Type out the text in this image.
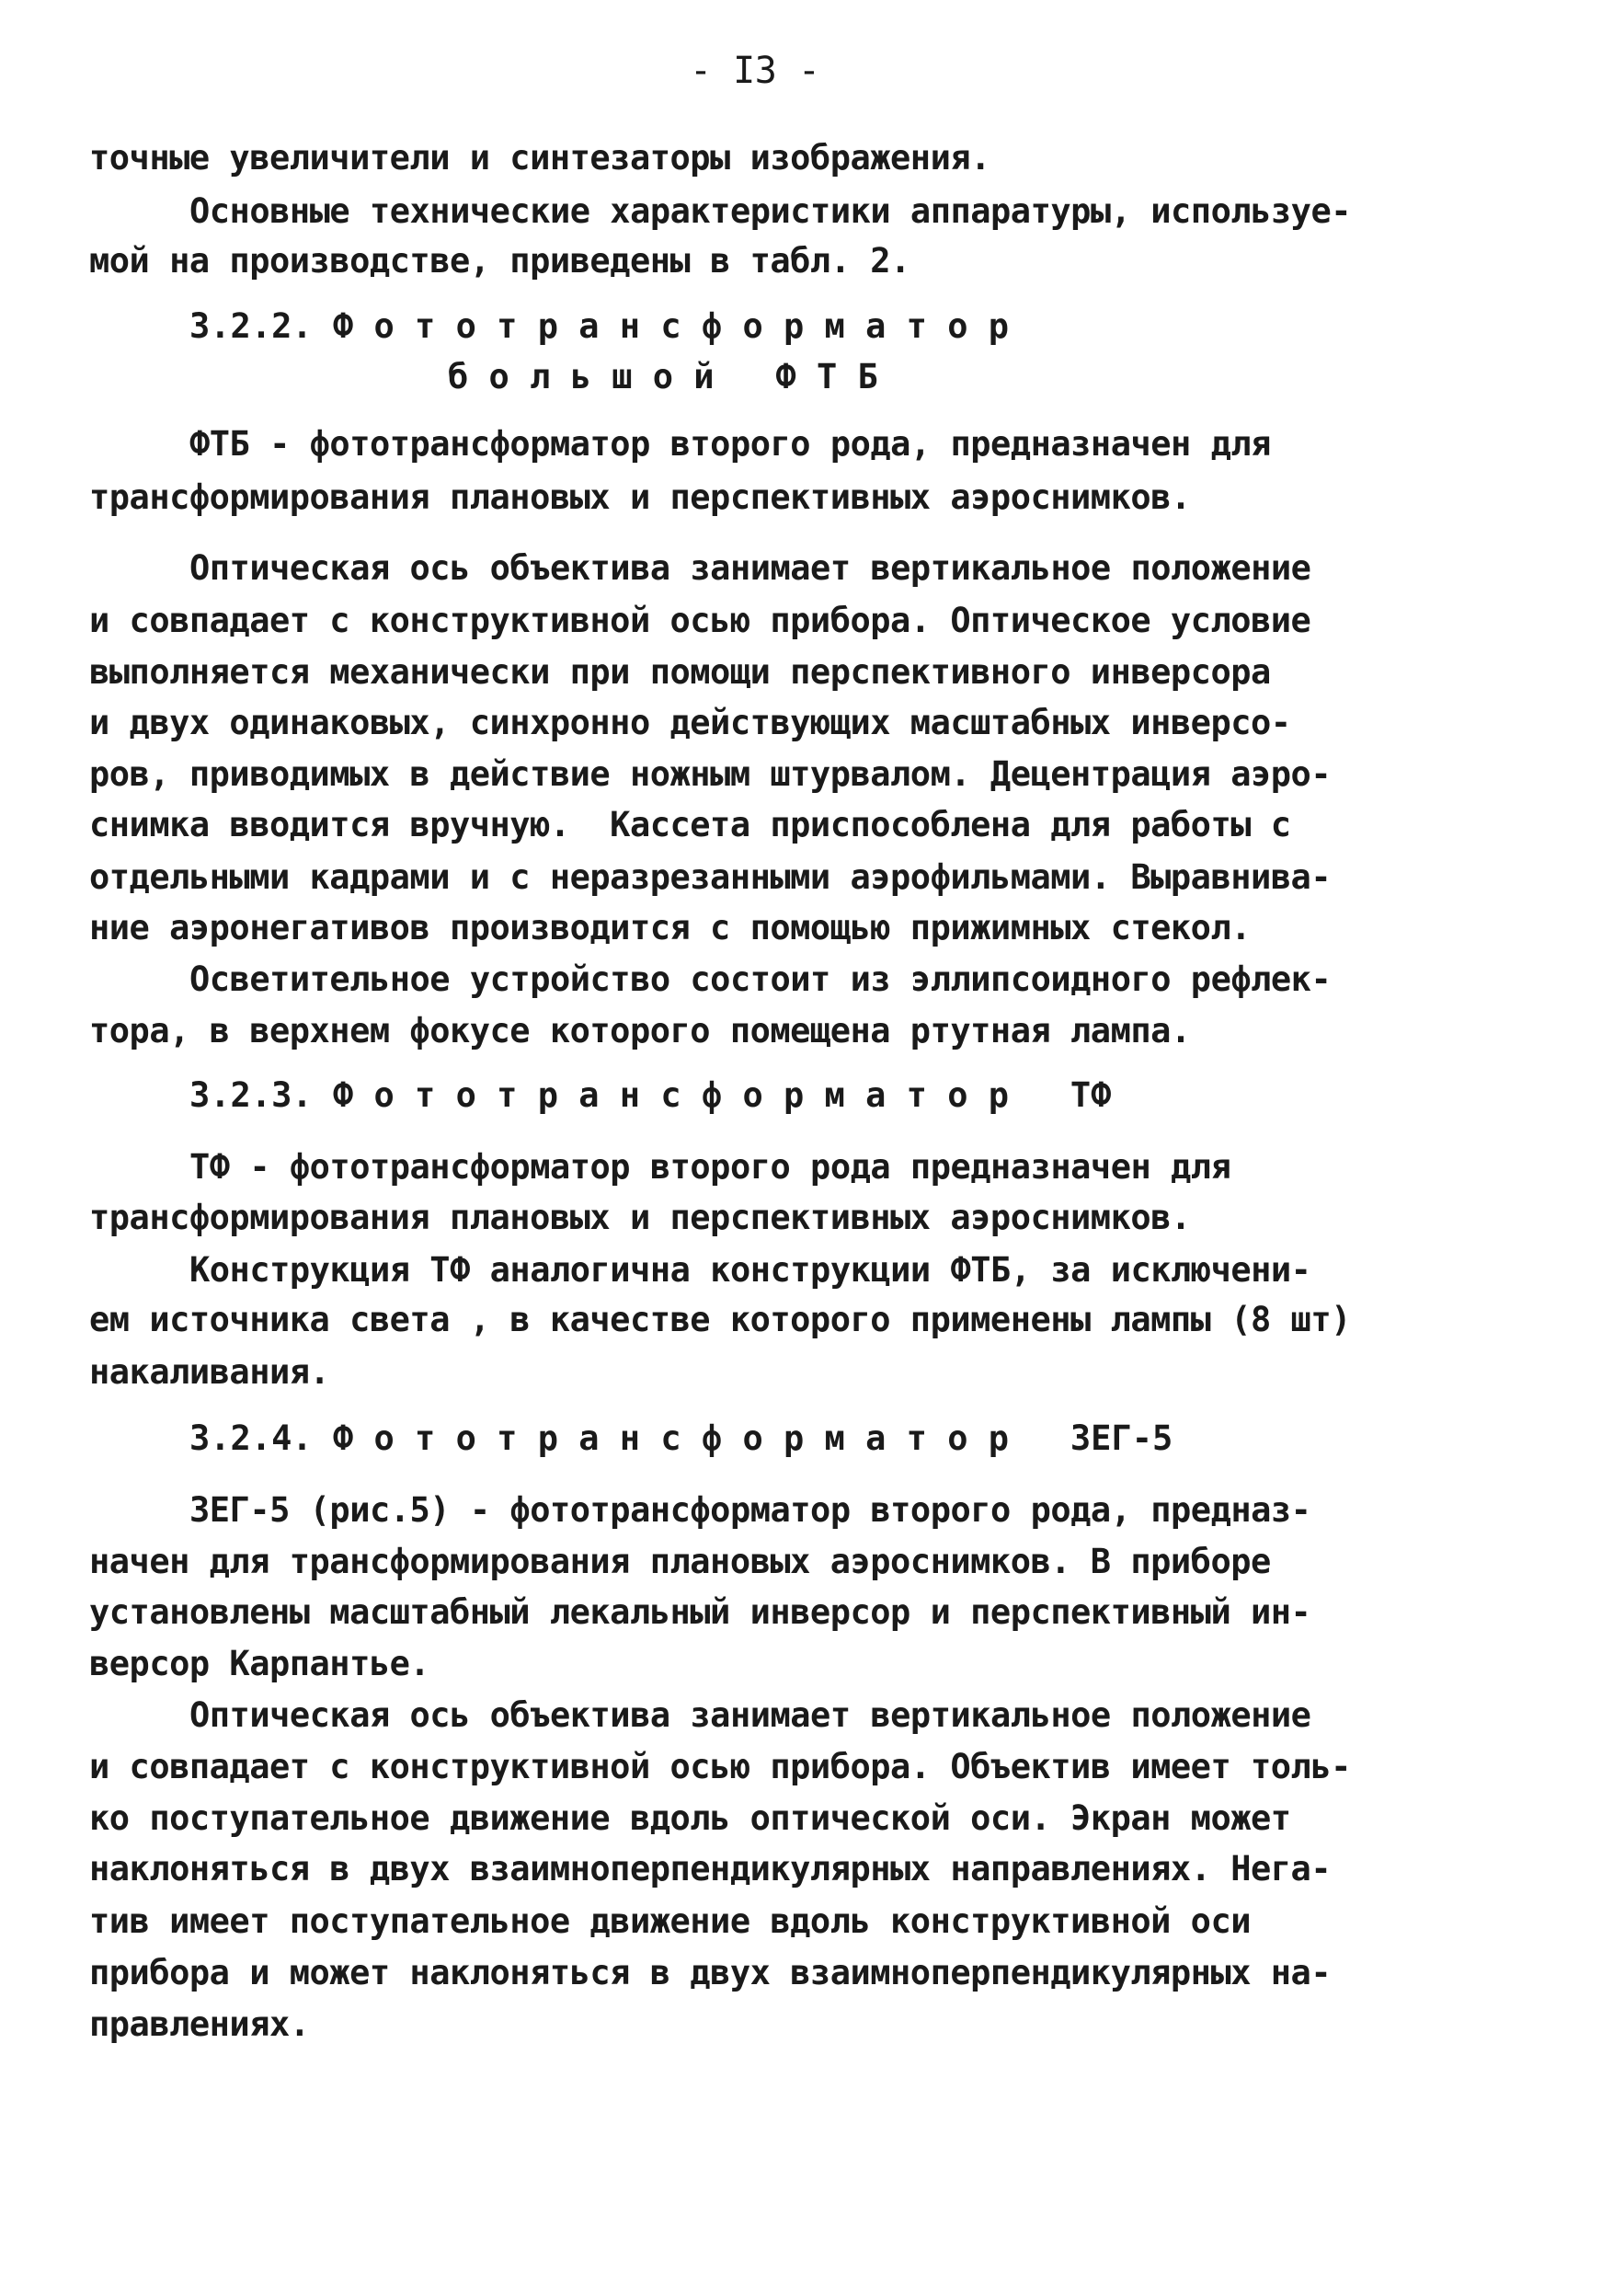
- I3 -
точные увеличители и синтезаторы изображения.
Основные технические характеристики аппаратуры, используе-
мой на производстве, приведены в табл. 2.
3.2.2. Ф о т о т р а н с ф о р м а т о р
б о л ь ш о й   Ф Т Б
ФТБ - фототрансформатор второго рода, предназначен для
трансформирования плановых и перспективных аэроснимков.
Оптическая ось объектива занимает вертикальное положение
и совпадает с конструктивной осью прибора. Оптическое условие
выполняется механически при помощи перспективного инверсора
и двух одинаковых, синхронно действующих масштабных инверсо-
ров, приводимых в действие ножным штурвалом. Децентрация аэро-
снимка вводится вручную.  Кассета приспособлена для работы с
отдельными кадрами и с неразрезанными аэрофильмами. Выравнива-
ние аэронегативов производится с помощью прижимных стекол.
Осветительное устройство состоит из эллипсоидного рефлек-
тора, в верхнем фокусе которого помещена ртутная лампа.
3.2.3. Ф о т о т р а н с ф о р м а т о р   ТФ
ТФ - фототрансформатор второго рода предназначен для
трансформирования плановых и перспективных аэроснимков.
Конструкция ТФ аналогична конструкции ФТБ, за исключени-
ем источника света , в качестве которого применены лампы (8 шт)
накаливания.
3.2.4. Ф о т о т р а н с ф о р м а т о р   ЗЕГ-5
ЗЕГ-5 (рис.5) - фототрансформатор второго рода, предназ-
начен для трансформирования плановых аэроснимков. В приборе
установлены масштабный лекальный инверсор и перспективный ин-
версор Карпантье.
Оптическая ось объектива занимает вертикальное положение
и совпадает с конструктивной осью прибора. Объектив имеет толь-
ко поступательное движение вдоль оптической оси. Экран может
наклоняться в двух взаимноперпендикулярных направлениях. Нега-
тив имеет поступательное движение вдоль конструктивной оси
прибора и может наклоняться в двух взаимноперпендикулярных на-
правлениях.
